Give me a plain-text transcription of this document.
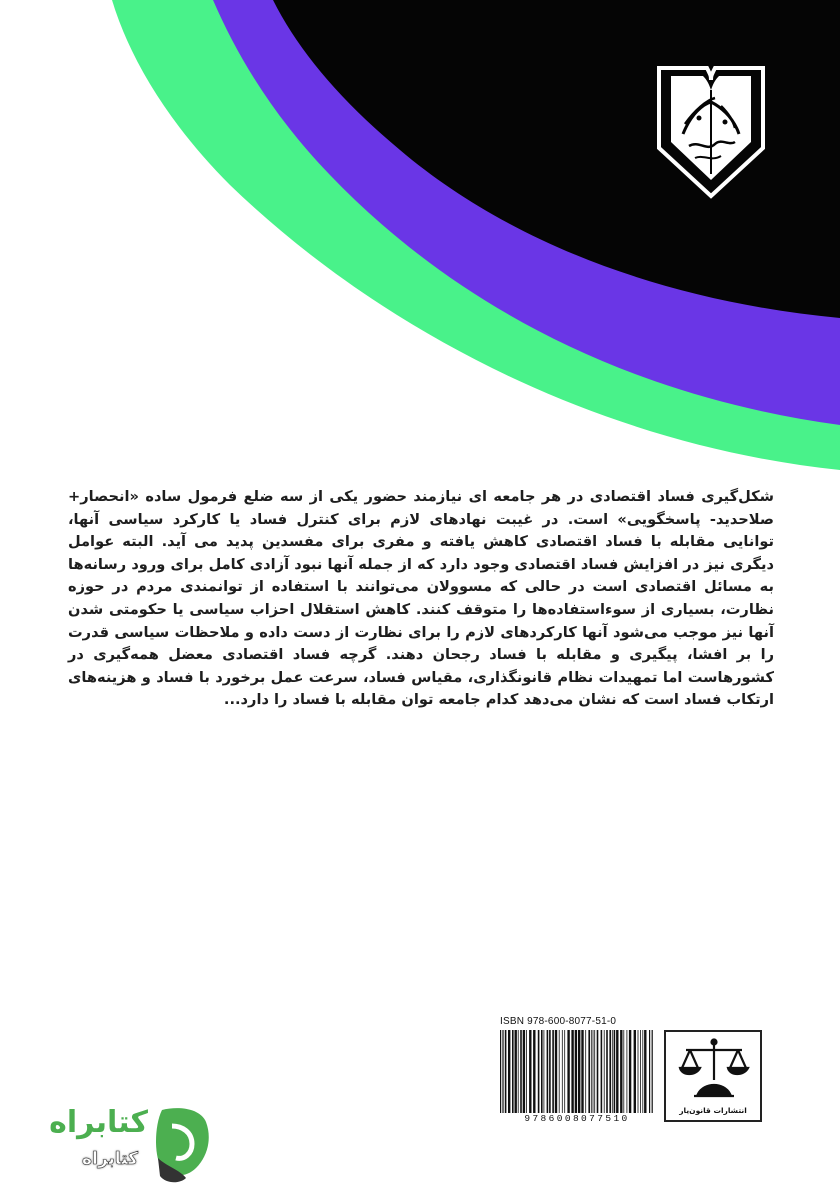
شکل‌گیری فساد اقتصادی در هر جامعه ای نیازمند حضور یکی از سه ضلع فرمول ساده «انحصار+ صلاحدید- پاسخگویی» است. در غیبت نهادهای لازم برای کنترل فساد یا کارکرد سیاسی آنها، توانایی مقابله با فساد اقتصادی کاهش یافته و مفری برای مفسدین پدید می آید. البته عوامل دیگری نیز در افزایش فساد اقتصادی وجود دارد که از جمله آنها نبود آزادی کامل برای ورود رسانه‌ها به مسائل اقتصادی است در حالی که مسوولان می‌توانند با استفاده از توانمندی مردم در حوزه نظارت، بسیاری از سوءاستفاده‌ها را متوقف کنند. کاهش استقلال احزاب سیاسی یا حکومتی شدن آنها نیز موجب می‌شود آنها کارکردهای لازم را برای نظارت از دست داده و ملاحظات سیاسی قدرت را بر افشا، پیگیری و مقابله با فساد رجحان دهند. گرچه فساد اقتصادی معضل همه‌گیری در کشورهاست اما تمهیدات نظام قانونگذاری، مقیاس فساد، سرعت عمل برخورد با فساد و هزینه‌های ارتکاب فساد است که نشان می‌دهد کدام جامعه توان مقابله با فساد را دارد...

ISBN 978-600-8077-51-0
9786008077510
انتشارات قانون‌یار
کتابراه
کتابراه
